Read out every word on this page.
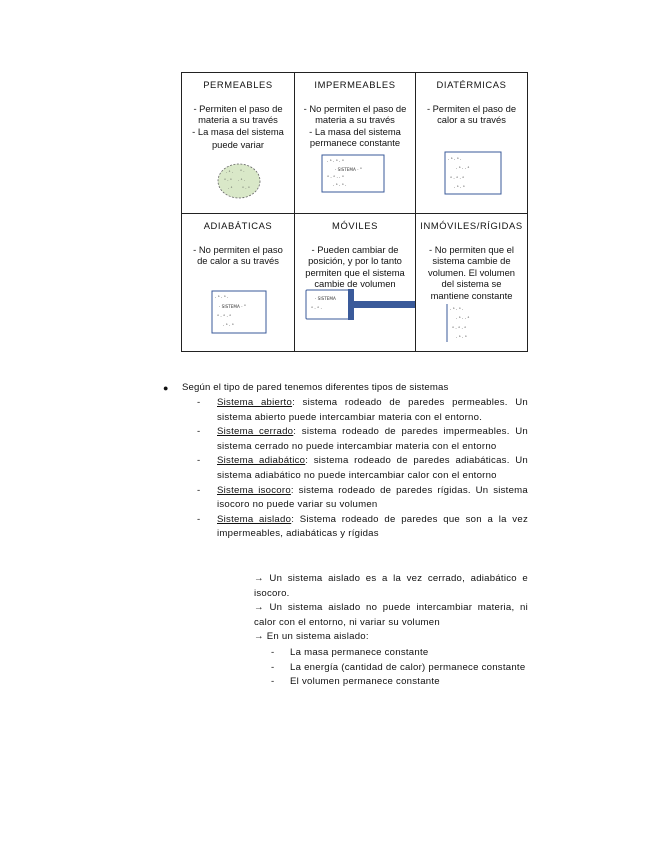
PERMEABLES
- Permiten el paso de
materia a su través
- La masa del sistema
puede variar
· ° · ° ·
° · ° · ° ·
· ° ° · °
IMPERMEABLES
- No permiten el paso de
materia a su través
- La masa del sistema
permanece constante
· ° · ° · °
· SISTEMA · °
° · ° · · °
· ° · ° ·
DIATÉRMICAS
- Permiten el paso de
calor a su través
· ° · ° ·
· ° · · °
° · ° · °
· ° · °
ADIABÁTICAS
- No permiten el paso
de calor a su través
· ° · ° ·
· SISTEMA · °
° · ° · °
· ° · °
MÓVILES
- Pueden cambiar de
posición, y por lo tanto
permiten que el sistema
cambie de volumen
· SISTEMA
° · ° ·
INMÓVILES/RÍGIDAS
- No permiten que el
sistema cambie de
volumen. El volumen
del sistema se
mantiene constante
· ° · ° ·
· ° · · °
° · ° · °
· ° · °
● Según el tipo de pared tenemos diferentes tipos de sistemas
- Sistema abierto: sistema rodeado de paredes permeables. Un sistema abierto puede intercambiar materia con el entorno.
- Sistema cerrado: sistema rodeado de paredes impermeables. Un sistema cerrado no puede intercambiar materia con el entorno
- Sistema adiabático: sistema rodeado de paredes adiabáticas. Un sistema adiabático no puede intercambiar calor con el entorno
- Sistema isocoro: sistema rodeado de paredes rígidas. Un sistema isocoro no puede variar su volumen
- Sistema aislado: Sistema rodeado de paredes que son a la vez impermeables, adiabáticas y rígidas
→ Un sistema aislado es a la vez cerrado, adiabático e isocoro.
→ Un sistema aislado no puede intercambiar materia, ni calor con el entorno, ni variar su volumen
→ En un sistema aislado:
- La masa permanece constante
- La energía (cantidad de calor) permanece constante
- El volumen permanece constante
